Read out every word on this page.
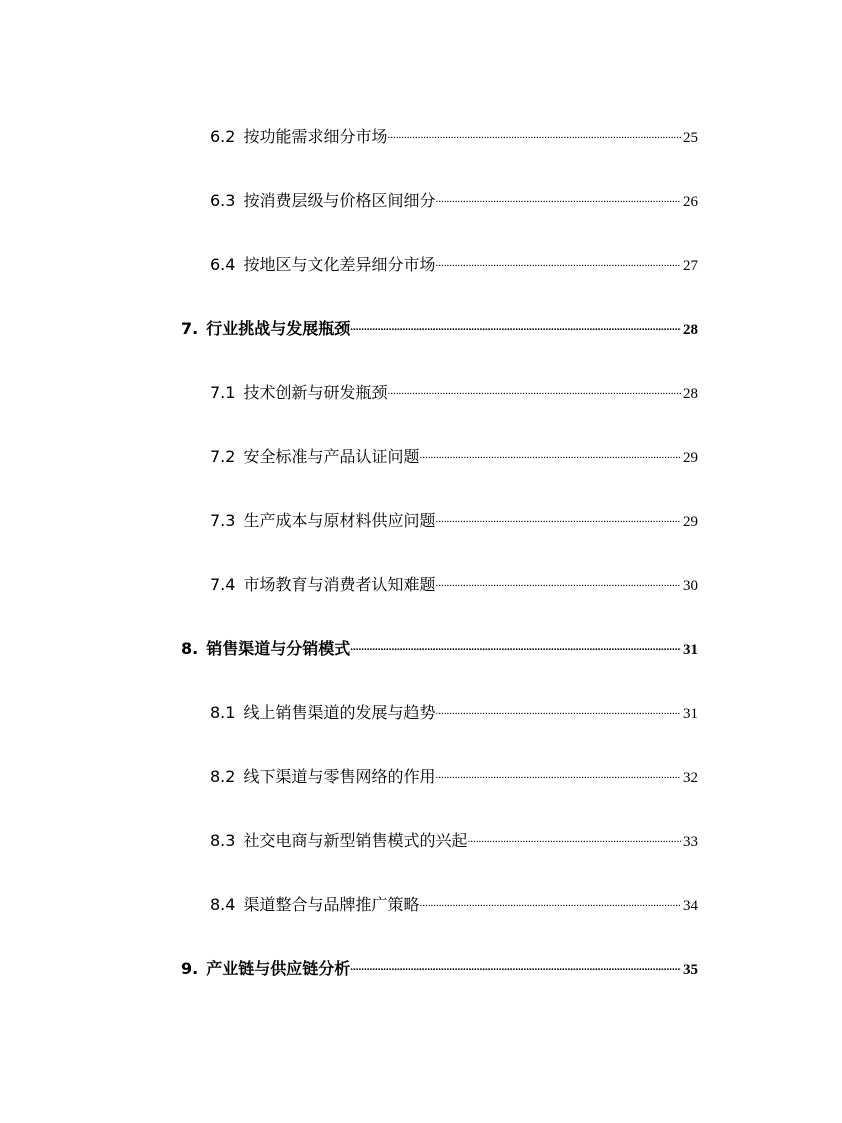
6.2 按功能需求细分市场 .....	25
6.3 按消费层级与价格区间细分 .....	26
6.4 按地区与文化差异细分市场 .....	27
7. 行业挑战与发展瓶颈 .....	28
7.1 技术创新与研发瓶颈 .....	28
7.2 安全标准与产品认证问题 .....	29
7.3 生产成本与原材料供应问题 .....	29
7.4 市场教育与消费者认知难题 .....	30
8. 销售渠道与分销模式 .....	31
8.1 线上销售渠道的发展与趋势 .....	31
8.2 线下渠道与零售网络的作用 .....	32
8.3 社交电商与新型销售模式的兴起 .....	33
8.4 渠道整合与品牌推广策略 .....	34
9. 产业链与供应链分析 .....	35
